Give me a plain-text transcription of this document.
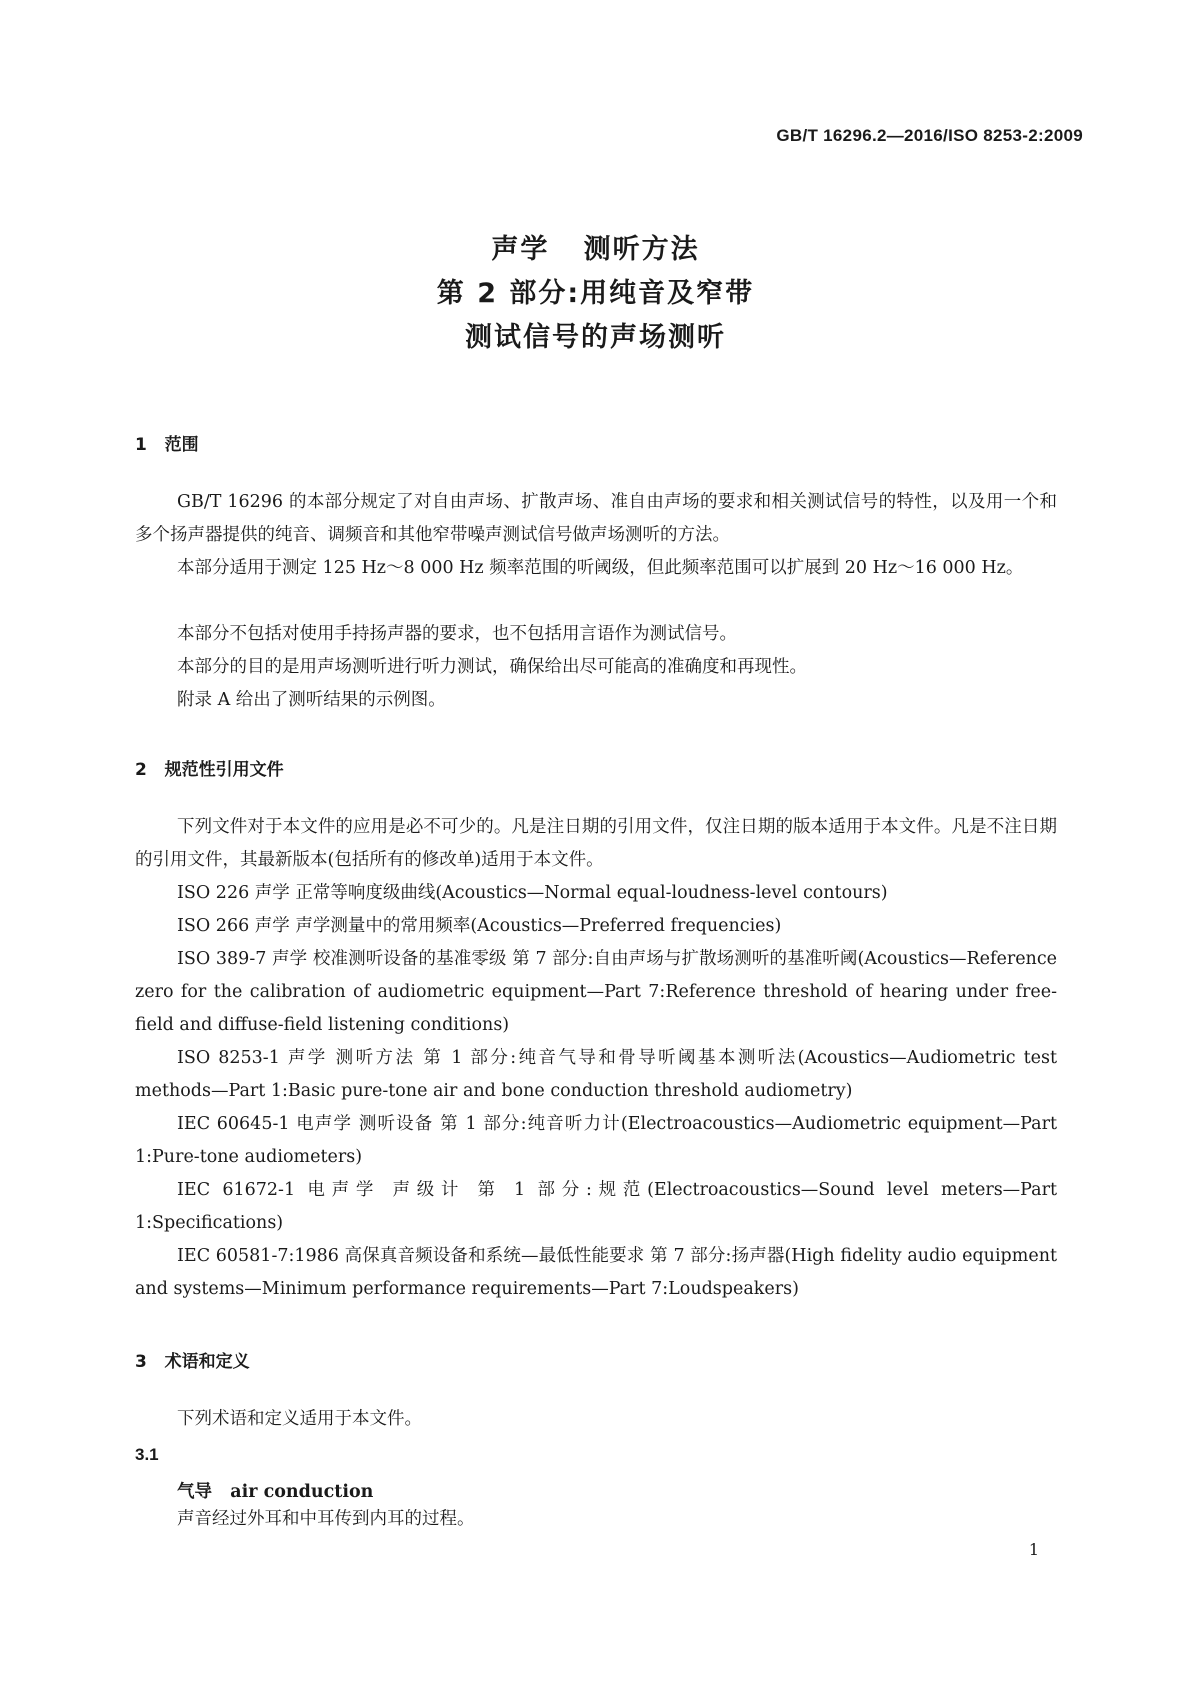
GB/T 16296.2—2016/ISO 8253-2:2009
声学   测听方法
第 2 部分:用纯音及窄带
测试信号的声场测听
1   范围

GB/T 16296 的本部分规定了对自由声场、扩散声场、准自由声场的要求和相关测试信号的特性，以及用一个和多个扬声器提供的纯音、调频音和其他窄带噪声测试信号做声场测听的方法。

本部分适用于测定 125 Hz～8 000 Hz 频率范围的听阈级，但此频率范围可以扩展到 20 Hz～16 000 Hz。

本部分不包括对使用手持扬声器的要求，也不包括用言语作为测试信号。

本部分的目的是用声场测听进行听力测试，确保给出尽可能高的准确度和再现性。

附录 A 给出了测听结果的示例图。

2   规范性引用文件

下列文件对于本文件的应用是必不可少的。凡是注日期的引用文件，仅注日期的版本适用于本文件。凡是不注日期的引用文件，其最新版本(包括所有的修改单)适用于本文件。

ISO 226 声学 正常等响度级曲线(Acoustics—Normal equal-loudness-level contours)

ISO 266 声学 声学测量中的常用频率(Acoustics—Preferred frequencies)

ISO 389-7 声学 校准测听设备的基准零级 第 7 部分:自由声场与扩散场测听的基准听阈(Acoustics—Reference zero for the calibration of audiometric equipment—Part 7:Reference threshold of hearing under free-field and diffuse-field listening conditions)

ISO 8253-1 声学 测听方法 第 1 部分:纯音气导和骨导听阈基本测听法(Acoustics—Audiometric test methods—Part 1:Basic pure-tone air and bone conduction threshold audiometry)

IEC 60645-1 电声学 测听设备 第 1 部分:纯音听力计(Electroacoustics—Audiometric equipment—Part 1:Pure-tone audiometers)

IEC 61672-1 电声学 声级计 第 1 部分:规范(Electroacoustics—Sound level meters—Part 1:Specifications)

IEC 60581-7:1986 高保真音频设备和系统—最低性能要求 第 7 部分:扬声器(High fidelity audio equipment and systems—Minimum performance requirements—Part 7:Loudspeakers)

3   术语和定义

下列术语和定义适用于本文件。

3.1
气导   air conduction

声音经过外耳和中耳传到内耳的过程。

1
